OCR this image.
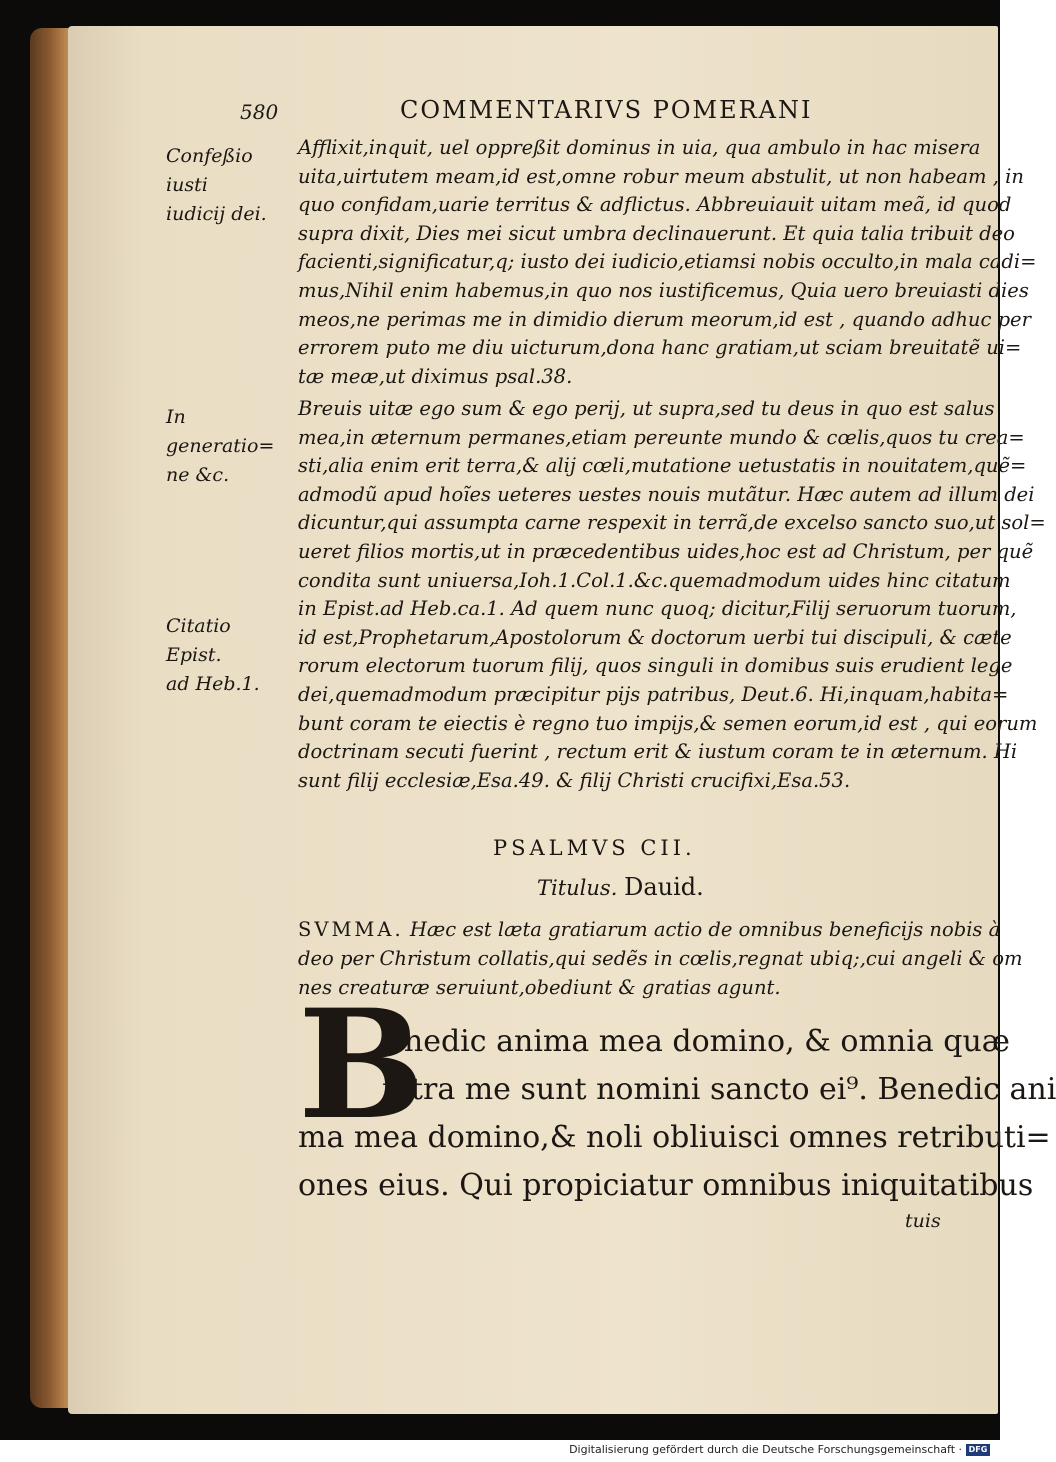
580	COMMENTARIVS POMERANI
Confeßio iusti
iudicij dei.
In generatio=
ne &c.
Citatio Epist.
ad Heb.1.
Afflixit,inquit, uel oppreßit dominus in uia, qua ambulo in hac misera
uita,uirtutem meam,id est,omne robur meum abstulit, ut non habeam , in
quo confidam,uarie territus & adflictus. Abbreuiauit uitam meã, id quod
supra dixit, Dies mei sicut umbra declinauerunt. Et quia talia tribuit deo
facienti,significatur,q; iusto dei iudicio,etiamsi nobis occulto,in mala cadi=
mus,Nihil enim habemus,in quo nos iustificemus, Quia uero breuiasti dies
meos,ne perimas me in dimidio dierum meorum,id est , quando adhuc per
errorem puto me diu uicturum,dona hanc gratiam,ut sciam breuitatẽ ui=
tæ meæ,ut diximus psal.38.
Breuis uitæ ego sum & ego perij, ut supra,sed tu deus in quo est salus
mea,in æternum permanes,etiam pereunte mundo & cœlis,quos tu crea=
sti,alia enim erit terra,& alij cœli,mutatione uetustatis in nouitatem,quẽ=
admodũ apud hoĩes ueteres uestes nouis mutãtur. Hæc autem ad illum dei
dicuntur,qui assumpta carne respexit in terrã,de excelso sancto suo,ut sol=
ueret filios mortis,ut in præcedentibus uides,hoc est ad Christum, per quẽ
condita sunt uniuersa,Ioh.1.Col.1.&c.quemadmodum uides hinc citatum
in Epist.ad Heb.ca.1. Ad quem nunc quoq; dicitur,Filij seruorum tuorum,
id est,Prophetarum,Apostolorum & doctorum uerbi tui discipuli, & cæte
rorum electorum tuorum filij, quos singuli in domibus suis erudient lege
dei,quemadmodum præcipitur pijs patribus, Deut.6. Hi,inquam,habita=
bunt coram te eiectis è regno tuo impijs,& semen eorum,id est , qui eorum
doctrinam secuti fuerint , rectum erit & iustum coram te in æternum. Hi
sunt filij ecclesiæ,Esa.49. & filij Christi crucifixi,Esa.53.
PSALMVS CII.
Titulus. Dauid.
SVMMA. Hæc est læta gratiarum actio de omnibus beneficijs nobis à
deo per Christum collatis,qui sedẽs in cœlis,regnat ubiq;,cui angeli & om
nes creaturæ seruiunt,obediunt & gratias agunt.
B
Enedic anima mea domino, & omnia quæ
intra me sunt nomini sancto ei⁹. Benedic ani
ma mea domino,& noli obliuisci omnes retributi=
ones eius. Qui propiciatur omnibus iniquitatibus
tuis
Digitalisierung gefördert durch die Deutsche Forschungsgemeinschaft · DFG
